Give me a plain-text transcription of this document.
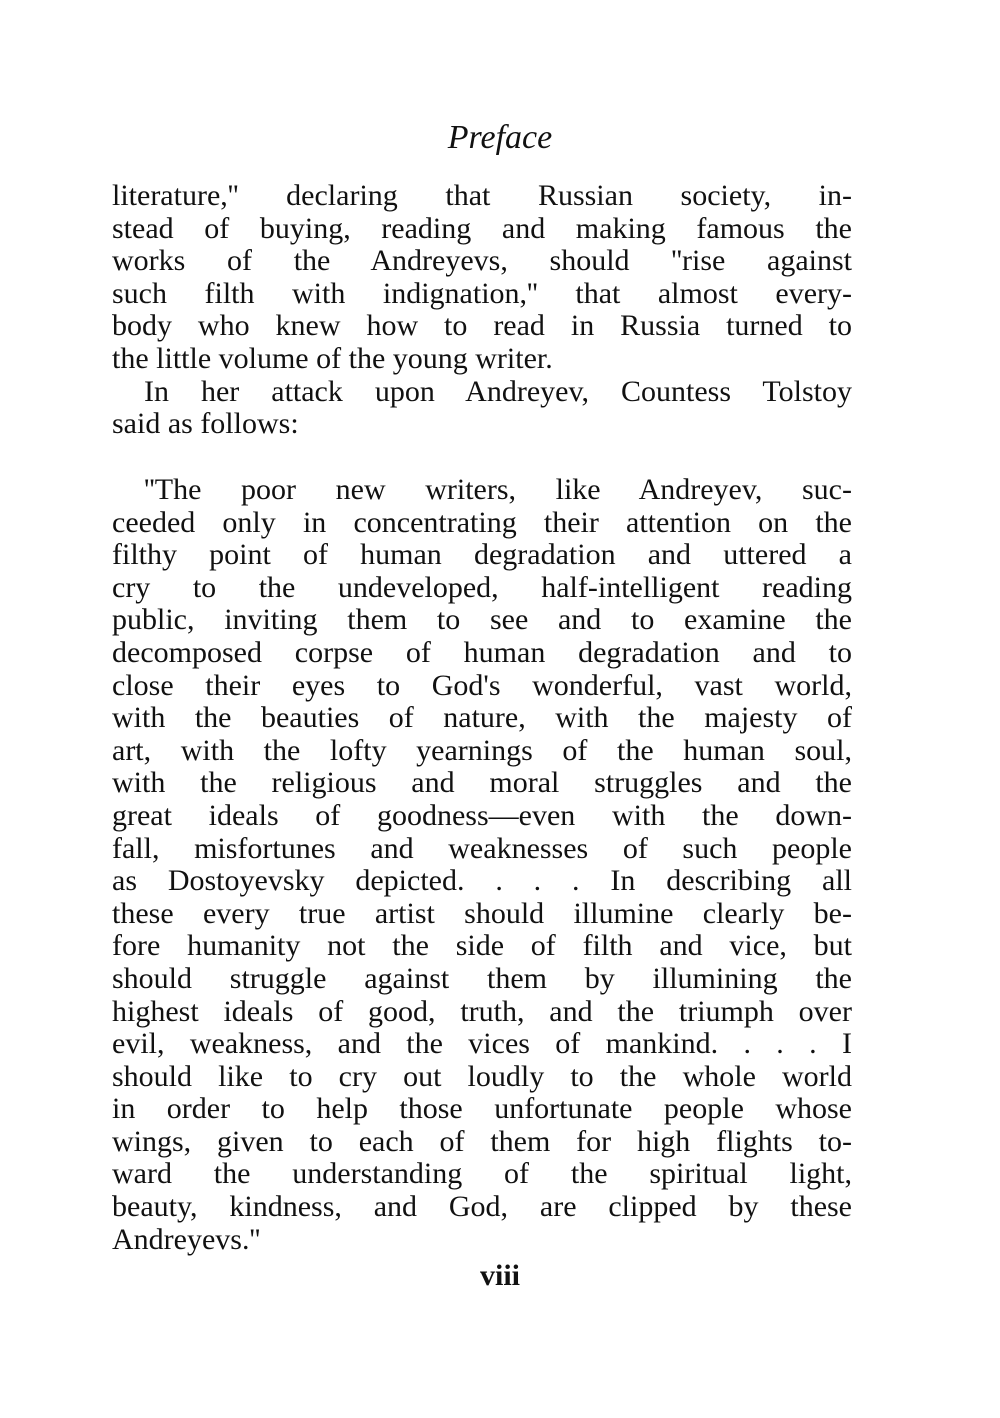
Preface
literature,'' declaring that Russian society, in-
stead of buying, reading and making famous the
works of the Andreyevs, should ''rise against
such filth with indignation,'' that almost every-
body who knew how to read in Russia turned to
the little volume of the young writer.
In her attack upon Andreyev, Countess Tolstoy
said as follows:
''The poor new writers, like Andreyev, suc-
ceeded only in concentrating their attention on the
filthy point of human degradation and uttered a
cry to the undeveloped, half-intelligent reading
public, inviting them to see and to examine the
decomposed corpse of human degradation and to
close their eyes to God's wonderful, vast world,
with the beauties of nature, with the majesty of
art, with the lofty yearnings of the human soul,
with the religious and moral struggles and the
great ideals of goodness—even with the down-
fall, misfortunes and weaknesses of such people
as Dostoyevsky depicted. . . . In describing all
these every true artist should illumine clearly be-
fore humanity not the side of filth and vice, but
should struggle against them by illumining the
highest ideals of good, truth, and the triumph over
evil, weakness, and the vices of mankind. . . . I
should like to cry out loudly to the whole world
in order to help those unfortunate people whose
wings, given to each of them for high flights to-
ward the understanding of the spiritual light,
beauty, kindness, and God, are clipped by these
Andreyevs.''
viii
